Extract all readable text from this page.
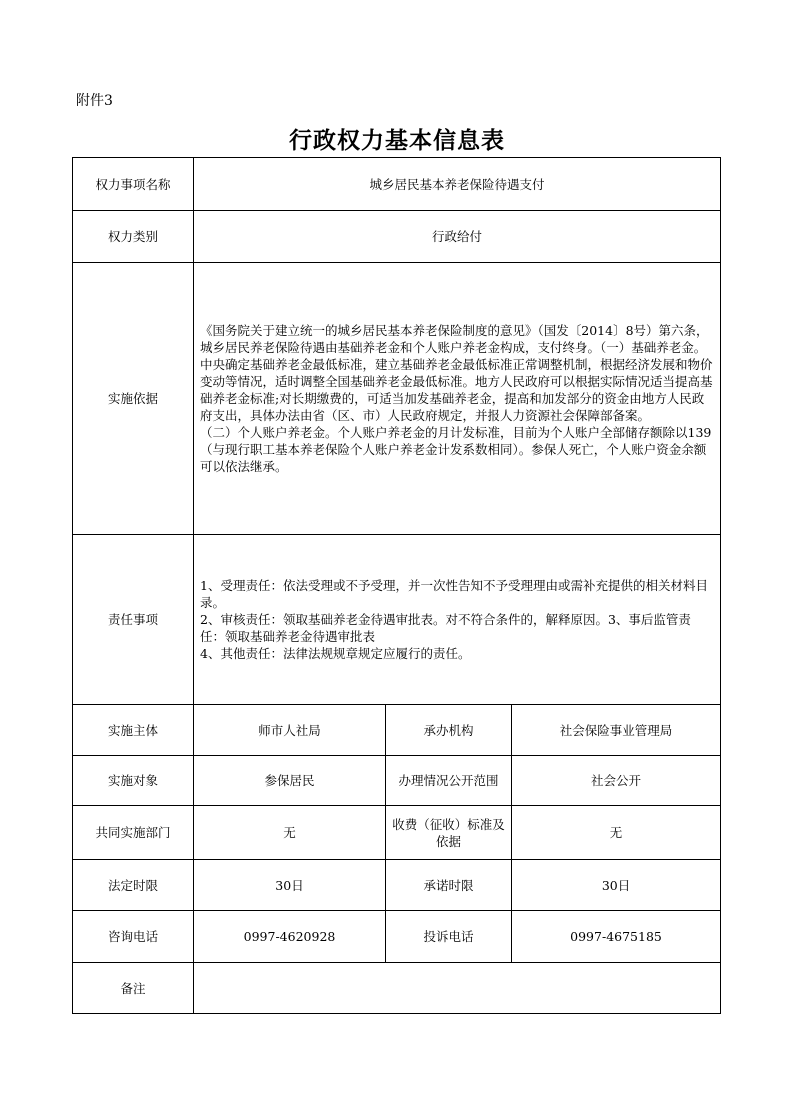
附件3
行政权力基本信息表
权力事项名称	城乡居民基本养老保险待遇支付		
权力类别	行政给付		
实施依据	《国务院关于建立统一的城乡居民基本养老保险制度的意见》（国发〔2014〕8号）第六条，城乡居民养老保险待遇由基础养老金和个人账户养老金构成，支付终身。（一）基础养老金。中央确定基础养老金最低标准，建立基础养老金最低标准正常调整机制，根据经济发展和物价变动等情况，适时调整全国基础养老金最低标准。地方人民政府可以根据实际情况适当提高基础养老金标准;对长期缴费的，可适当加发基础养老金，提高和加发部分的资金由地方人民政府支出，具体办法由省（区、市）人民政府规定，并报人力资源社会保障部备案。
（二）个人账户养老金。个人账户养老金的月计发标准，目前为个人账户全部储存额除以139（与现行职工基本养老保险个人账户养老金计发系数相同）。参保人死亡，个人账户资金余额可以依法继承。		

责任事项	1、受理责任：依法受理或不予受理，并一次性告知不予受理理由或需补充提供的相关材料目录。
2、审核责任：领取基础养老金待遇审批表。对不符合条件的，解释原因。3、事后监管责任：领取基础养老金待遇审批表
4、其他责任：法律法规规章规定应履行的责任。		

实施主体	师市人社局	承办机构	社会保险事业管理局
实施对象	参保居民	办理情况公开范围	社会公开
共同实施部门	无	收费（征收）标准及依据	无
法定时限	30日	承诺时限	30日
咨询电话	0997-4620928	投诉电话	0997-4675185
备注			
